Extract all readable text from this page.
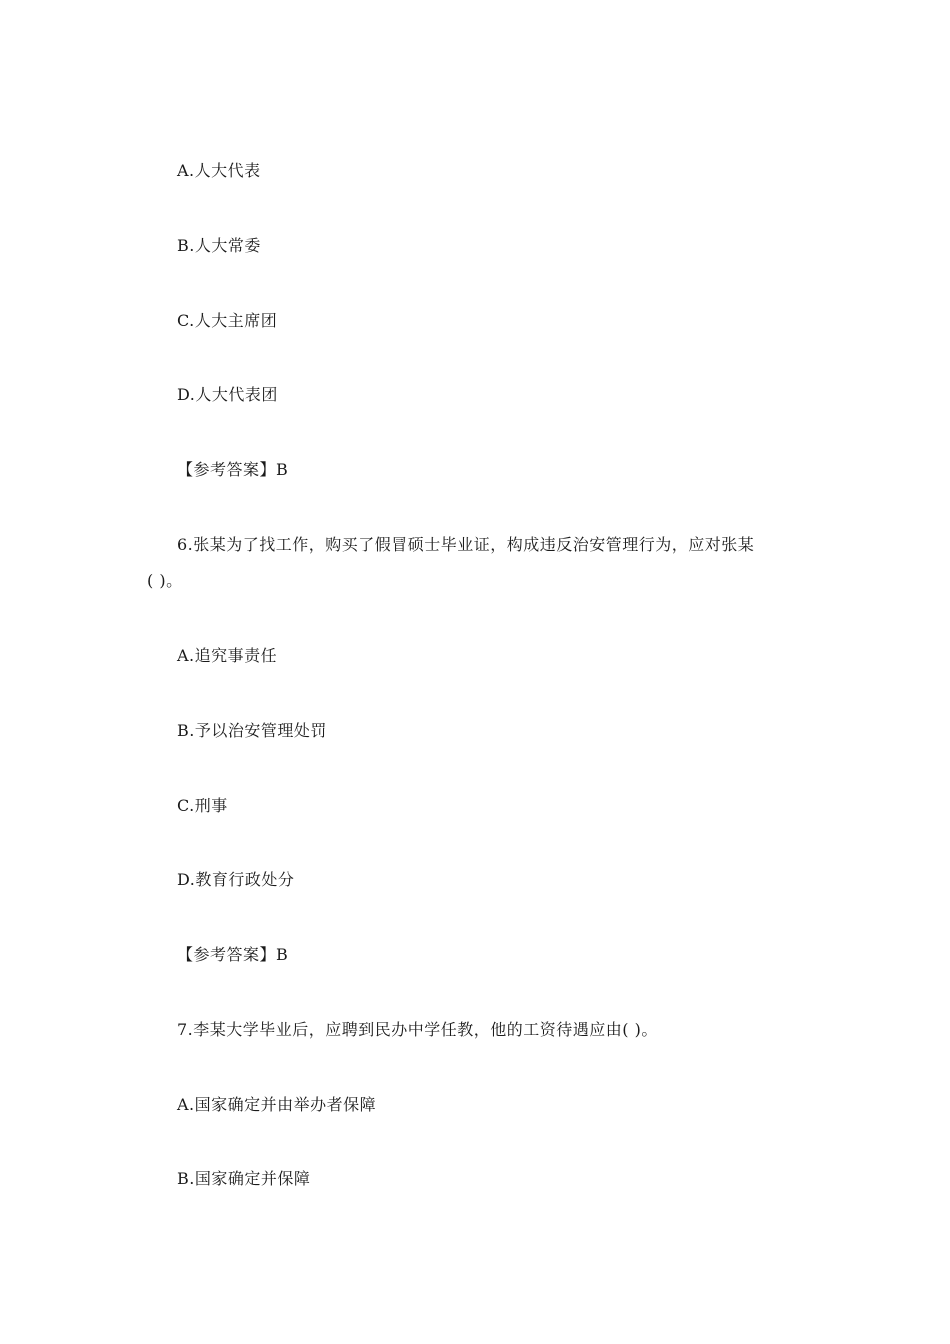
A.人大代表
B.人大常委
C.人大主席团
D.人大代表团
【参考答案】B
6.张某为了找工作，购买了假冒硕士毕业证，构成违反治安管理行为，应对张某
( )。
A.追究事责任
B.予以治安管理处罚
C.刑事
D.教育行政处分
【参考答案】B
7.李某大学毕业后，应聘到民办中学任教，他的工资待遇应由( )。
A.国家确定并由举办者保障
B.国家确定并保障
